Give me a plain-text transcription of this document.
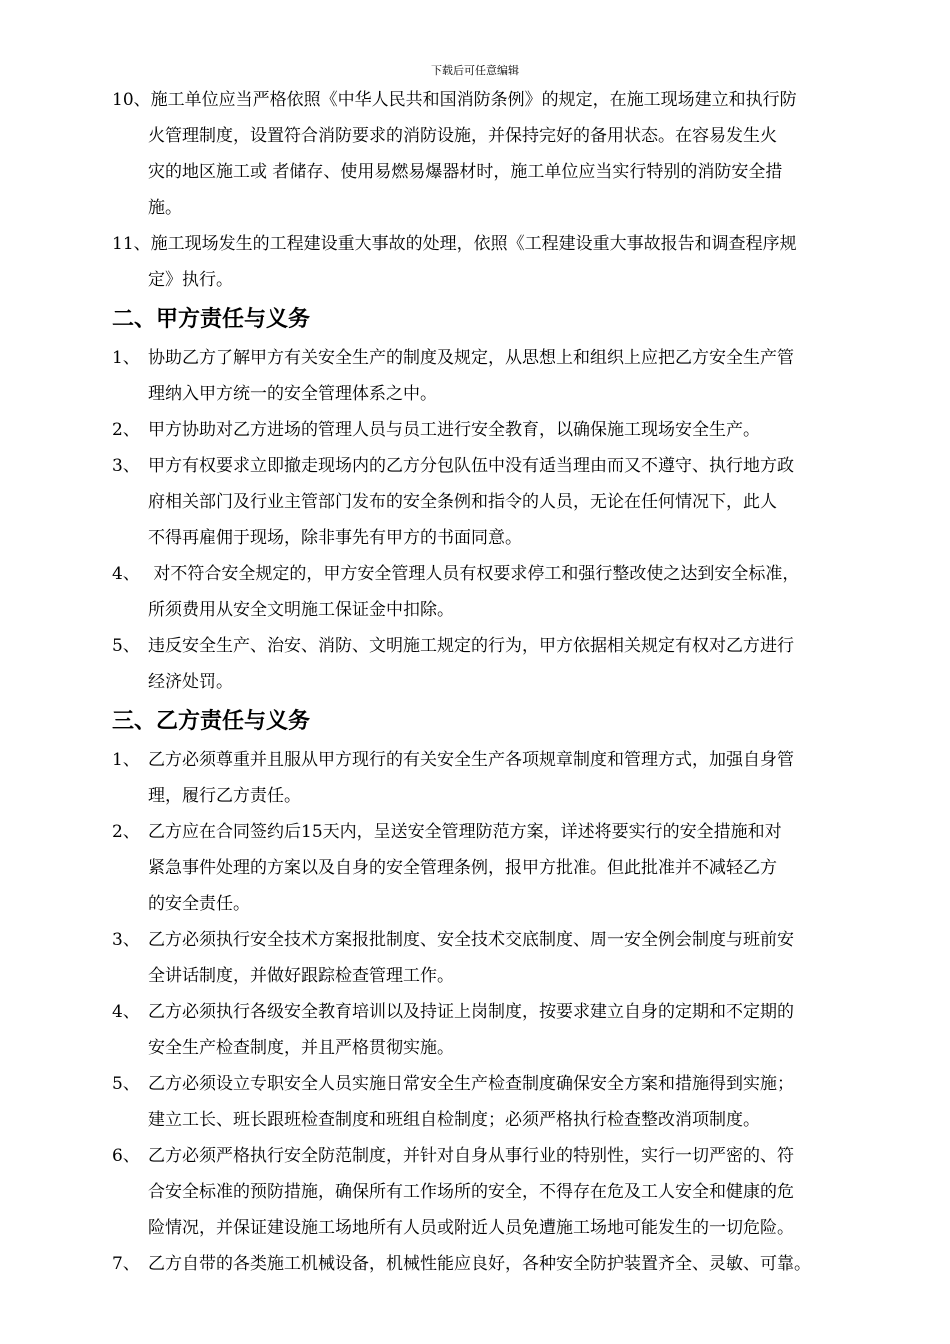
下载后可任意编辑
10、施工单位应当严格依照《中华人民共和国消防条例》的规定，在施工现场建立和执行防
火管理制度，设置符合消防要求的消防设施，并保持完好的备用状态。在容易发生火
灾的地区施工或 者储存、使用易燃易爆器材时，施工单位应当实行特别的消防安全措
施。
11、施工现场发生的工程建设重大事故的处理，依照《工程建设重大事故报告和调查程序规
定》执行。
二、甲方责任与义务
1、 协助乙方了解甲方有关安全生产的制度及规定，从思想上和组织上应把乙方安全生产管
理纳入甲方统一的安全管理体系之中。
2、 甲方协助对乙方进场的管理人员与员工进行安全教育，以确保施工现场安全生产。
3、 甲方有权要求立即撤走现场内的乙方分包队伍中没有适当理由而又不遵守、执行地方政
府相关部门及行业主管部门发布的安全条例和指令的人员，无论在任何情况下，此人
不得再雇佣于现场，除非事先有甲方的书面同意。
4、 对不符合安全规定的，甲方安全管理人员有权要求停工和强行整改使之达到安全标准，
所须费用从安全文明施工保证金中扣除。
5、 违反安全生产、治安、消防、文明施工规定的行为，甲方依据相关规定有权对乙方进行
经济处罚。
三、乙方责任与义务
1、 乙方必须尊重并且服从甲方现行的有关安全生产各项规章制度和管理方式，加强自身管
理，履行乙方责任。
2、 乙方应在合同签约后15天内，呈送安全管理防范方案，详述将要实行的安全措施和对
紧急事件处理的方案以及自身的安全管理条例，报甲方批准。但此批准并不减轻乙方
的安全责任。
3、 乙方必须执行安全技术方案报批制度、安全技术交底制度、周一安全例会制度与班前安
全讲话制度，并做好跟踪检查管理工作。
4、 乙方必须执行各级安全教育培训以及持证上岗制度，按要求建立自身的定期和不定期的
安全生产检查制度，并且严格贯彻实施。
5、 乙方必须设立专职安全人员实施日常安全生产检查制度确保安全方案和措施得到实施；
建立工长、班长跟班检查制度和班组自检制度；必须严格执行检查整改消项制度。
6、 乙方必须严格执行安全防范制度，并针对自身从事行业的特别性，实行一切严密的、符
合安全标准的预防措施，确保所有工作场所的安全，不得存在危及工人安全和健康的危
险情况，并保证建设施工场地所有人员或附近人员免遭施工场地可能发生的一切危险。
7、 乙方自带的各类施工机械设备，机械性能应良好，各种安全防护装置齐全、灵敏、可靠。
